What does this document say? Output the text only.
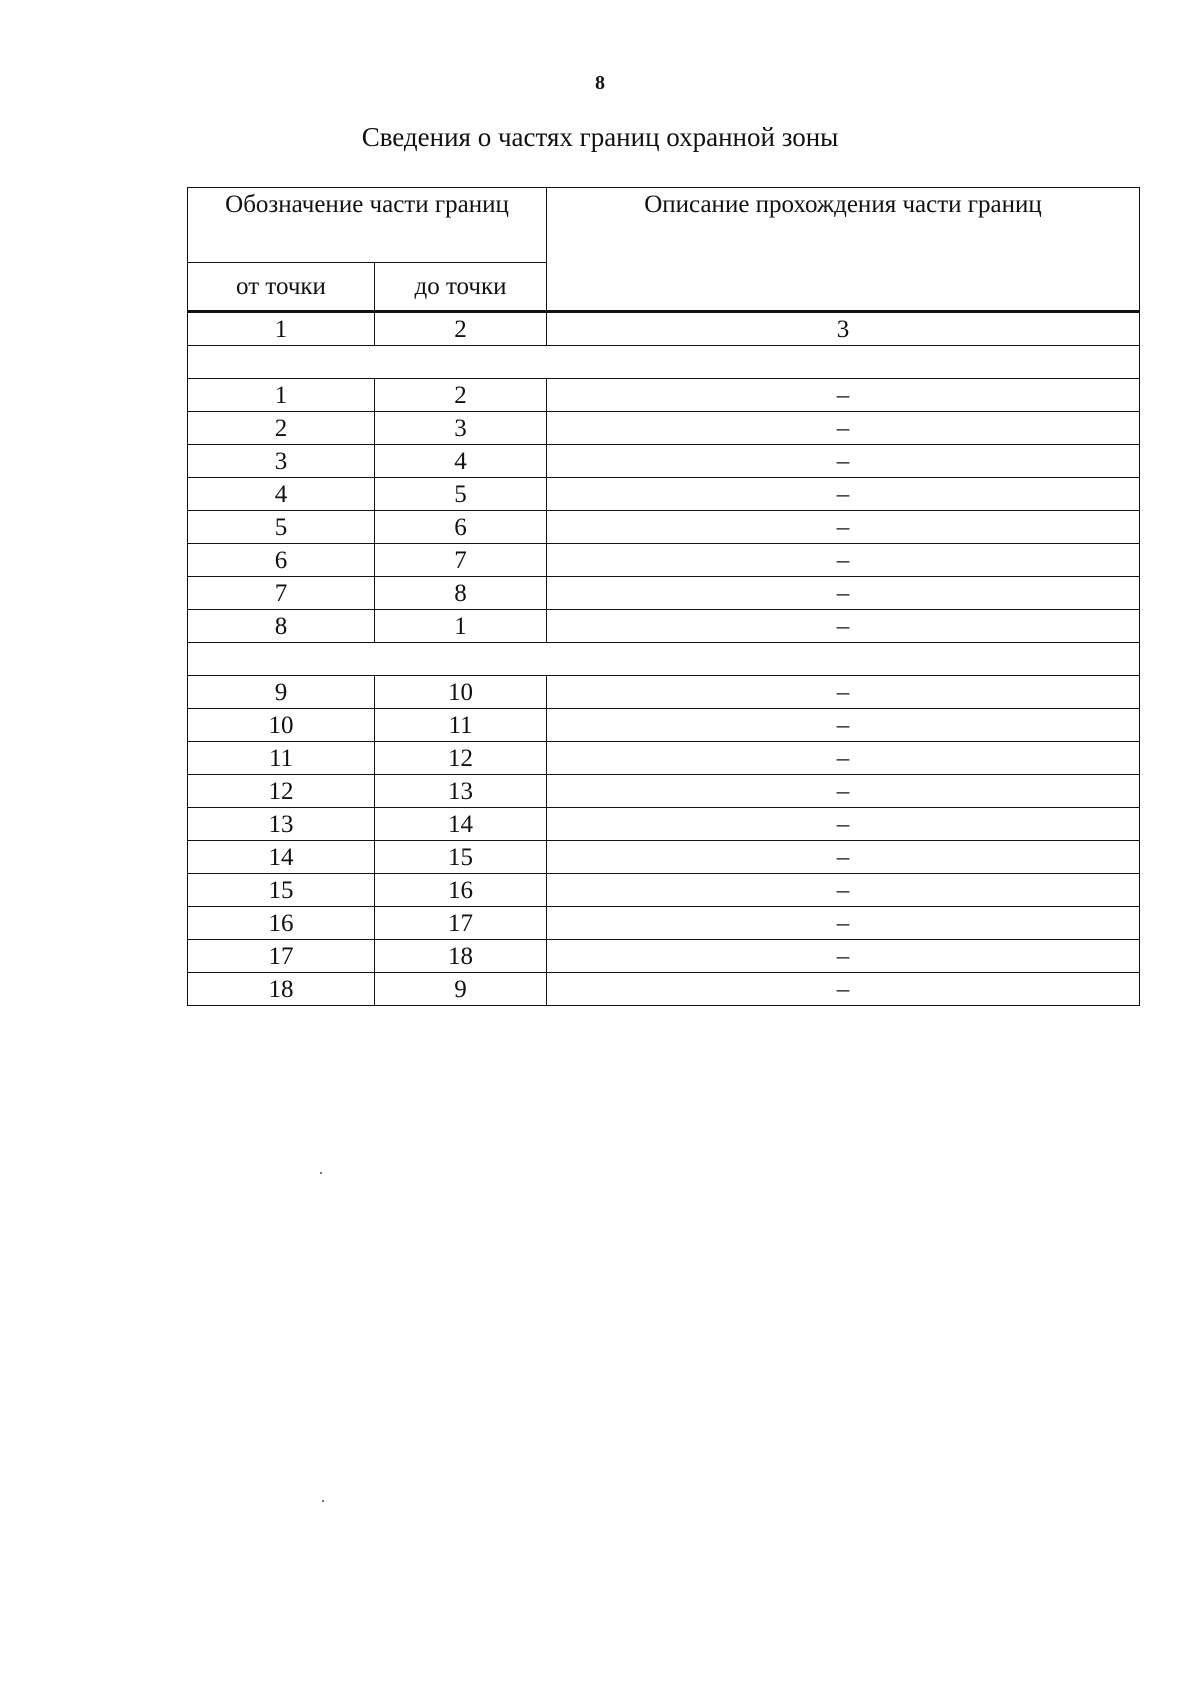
8
Сведения о частях границ охранной зоны
Обозначение части границ		Описание прохождения части границ
от точки	до точки	
1	2	3

1	2	–
2	3	–
3	4	–
4	5	–
5	6	–
6	7	–
7	8	–
8	1	–

9	10	–
10	11	–
11	12	–
12	13	–
13	14	–
14	15	–
15	16	–
16	17	–
17	18	–
18	9	–
